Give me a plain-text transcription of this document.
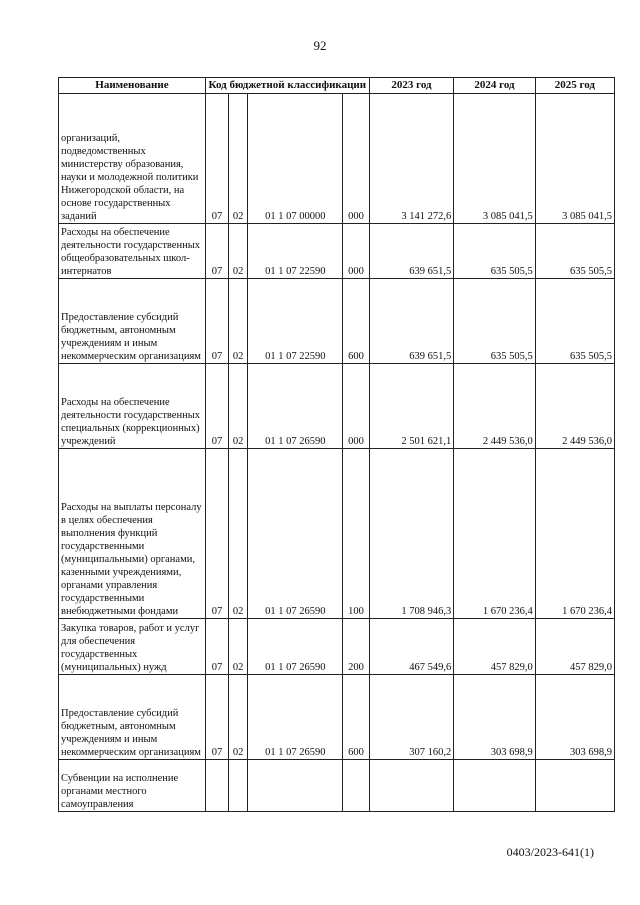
92
Наименование	Код бюджетной классификации				2023 год	2024 год	2025 год
организаций, подведомственных министерству образования, науки и молодежной политики Нижегородской области, на основе государственных заданий	07	02	01 1 07 00000	000	3 141 272,6	3 085 041,5	3 085 041,5
Расходы на обеспечение деятельности государственных общеобразовательных школ-интернатов	07	02	01 1 07 22590	000	639 651,5	635 505,5	635 505,5
Предоставление субсидий бюджетным, автономным учреждениям и иным некоммерческим организациям	07	02	01 1 07 22590	600	639 651,5	635 505,5	635 505,5
Расходы на обеспечение деятельности государственных специальных (коррекционных) учреждений	07	02	01 1 07 26590	000	2 501 621,1	2 449 536,0	2 449 536,0
Расходы на выплаты персоналу в целях обеспечения выполнения функций государственными (муниципальными) органами, казенными учреждениями, органами управления государственными внебюджетными фондами	07	02	01 1 07 26590	100	1 708 946,3	1 670 236,4	1 670 236,4
Закупка товаров, работ и услуг для обеспечения государственных (муниципальных) нужд	07	02	01 1 07 26590	200	467 549,6	457 829,0	457 829,0
Предоставление субсидий бюджетным, автономным учреждениям и иным некоммерческим организациям	07	02	01 1 07 26590	600	307 160,2	303 698,9	303 698,9
Субвенции на исполнение органами местного самоуправления							
0403/2023-641(1)
